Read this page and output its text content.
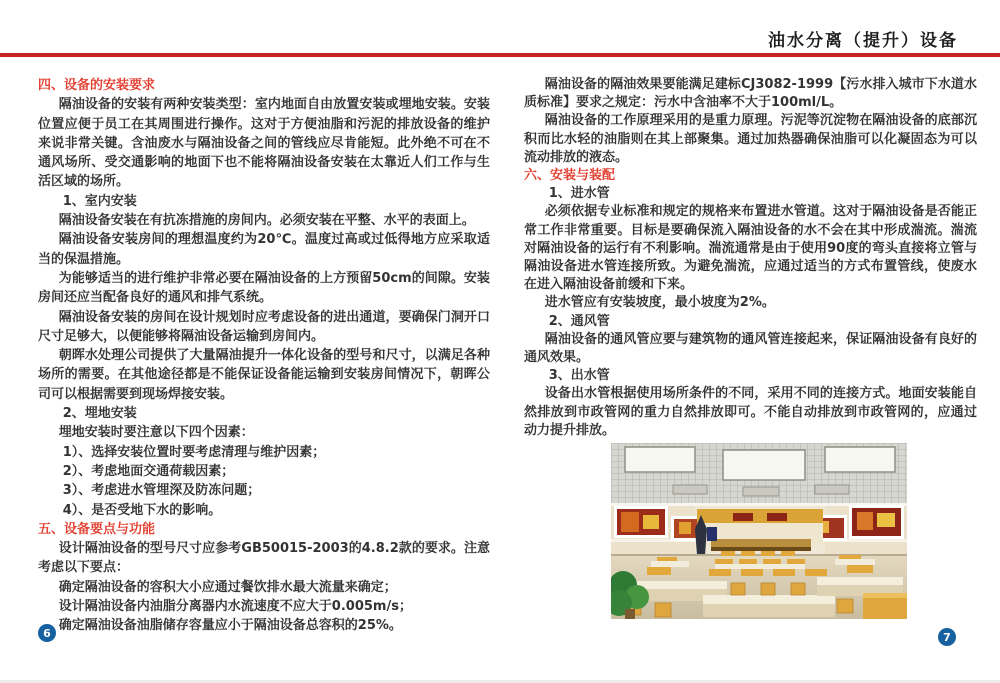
油水分离（提升）设备

四、设备的安装要求

隔油设备的安装有两种安装类型：室内地面自由放置安装或埋地安装。安装位置应便于员工在其周围进行操作。这对于方便油脂和污泥的排放设备的维护来说非常关键。含油废水与隔油设备之间的管线应尽肯能短。此外绝不可在不通风场所、受交通影响的地面下也不能将隔油设备安装在太靠近人们工作与生活区域的场所。

1、室内安装

隔油设备安装在有抗冻措施的房间内。必须安装在平整、水平的表面上。

隔油设备安装房间的理想温度约为20℃。温度过高或过低得地方应采取适当的保温措施。

为能够适当的进行维护非常必要在隔油设备的上方预留50cm的间隙。安装房间还应当配备良好的通风和排气系统。

隔油设备安装的房间在设计规划时应考虑设备的进出通道，要确保门洞开口尺寸足够大，以便能够将隔油设备运输到房间内。

朝晖水处理公司提供了大量隔油提升一体化设备的型号和尺寸，以满足各种场所的需要。在其他途径都是不能保证设备能运输到安装房间情况下，朝晖公司可以根据需要到现场焊接安装。

2、埋地安装

埋地安装时要注意以下四个因素：

1）、选择安装位置时要考虑清理与维护因素；

2）、考虑地面交通荷载因素；

3）、考虑进水管埋深及防冻问题；

4）、是否受地下水的影响。

五、设备要点与功能

设计隔油设备的型号尺寸应参考GB50015-2003的4.8.2款的要求。注意考虑以下要点：

确定隔油设备的容积大小应通过餐饮排水最大流量来确定；

设计隔油设备内油脂分离器内水流速度不应大于0.005m/s；

确定隔油设备油脂储存容量应小于隔油设备总容积的25%。

隔油设备的隔油效果要能满足建标CJ3082-1999【污水排入城市下水道水质标准】要求之规定：污水中含油率不大于100ml/L。

隔油设备的工作原理采用的是重力原理。污泥等沉淀物在隔油设备的底部沉积而比水轻的油脂则在其上部聚集。通过加热器确保油脂可以化凝固态为可以流动排放的液态。

六、安装与装配

1、进水管

必须依据专业标准和规定的规格来布置进水管道。这对于隔油设备是否能正常工作非常重要。目标是要确保流入隔油设备的水不会在其中形成湍流。湍流对隔油设备的运行有不利影响。湍流通常是由于使用90度的弯头直接将立管与隔油设备进水管连接所致。为避免湍流，应通过适当的方式布置管线，使废水在进入隔油设备前缓和下来。

进水管应有安装坡度，最小坡度为2%。

2、通风管

隔油设备的通风管应要与建筑物的通风管连接起来，保证隔油设备有良好的通风效果。

3、出水管

设备出水管根据使用场所条件的不同，采用不同的连接方式。地面安装能自然排放到市政管网的重力自然排放即可。不能自动排放到市政管网的，应通过动力提升排放。

6	7
